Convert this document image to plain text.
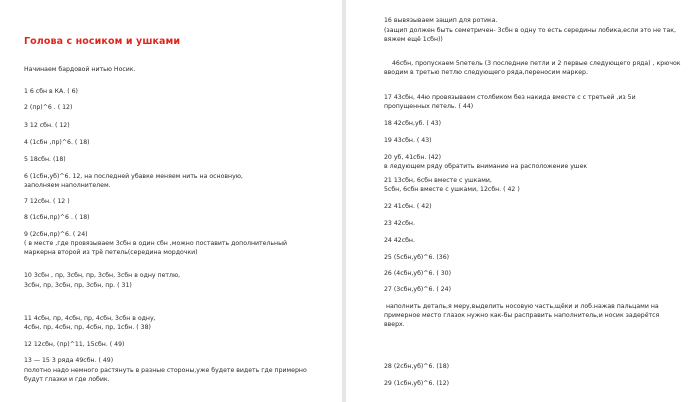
Голова с носиком и ушками
Начинаем бардовой нитью Носик.
1 6 сбн в КА. ( 6)
2 (пр)^6 . ( 12)
3 12 сбн. ( 12)
4 (1сбн ,пр)^6. ( 18)
5 18сбн. (18)
6 (1сбн,уб)^6. 12, на последней убавке меняем нить на основную,
заполняем наполнителем.
7 12сбн. ( 12 )
8 (1сбн,пр)^6 . ( 18)
9 (2сбн,пр)^6. ( 24)
( в месте ,где провязываем 3сбн в один сбн ,можно поставить дополнительный
маркерна второй из трё петель(середина мордочки)
10 3сбн , пр, 3сбн, пр, 3сбн, 3сбн в одну петлю,
3сбн, пр, 3сбн, пр, 3сбн, пр. ( 31)
11 4сбн, пр, 4сбн, пр, 4сбн, 3сбн в одну,
4сбн, пр, 4сбн, пр, 4сбн, пр, 1сбн. ( 38)
12 12сбн, (пр)^11, 15сбн. ( 49)
13 — 15 3 ряда 49сбн. ( 49)
полотно надо немного растянуть в разные стороны,уже будете видеть где примерно
будут глазки и где лобик.
16 вывязываем защип для ротика.
(защип должен быть семетричен- 3сбн в одну то есть середины лобика,если это не так,
вяжем ещё 1сбн))
46сбн, пропускаем 5петель (3 последние петли и 2 первые следующего ряда) , крючок
вводим в третью петлю следующего ряда,переносим маркер.
17 43сбн, 44ю провязываем столбиком без накида вместе с с третьей ,из 5и
пропущенных петель. ( 44)
18 42сбн,уб. ( 43)
19 43сбн. ( 43)
20 уб, 41сбн. (42)
в ледующем ряду обратить внимание на расположение ушек
21 13сбн, 6сбн вместе с ушками,
5сбн, 6сбн вместе с ушками, 12сбн. ( 42 )
22 41сбн. ( 42)
23 42сбн.
24 42сбн.
25 (5сбн,уб)^6. (36)
26 (4сбн,уб)^6. ( 30)
27 (3сбн,уб)^6. ( 24)
наполнить деталь,я меру,выделить носовую часть,щёки и лоб.нажав пальцами на
примерное место глазок нужно как-бы расправить наполнитель,и носик задерётся
вверх.
28 (2сбн,уб)^6. (18)
29 (1сбн,уб)^6. (12)
